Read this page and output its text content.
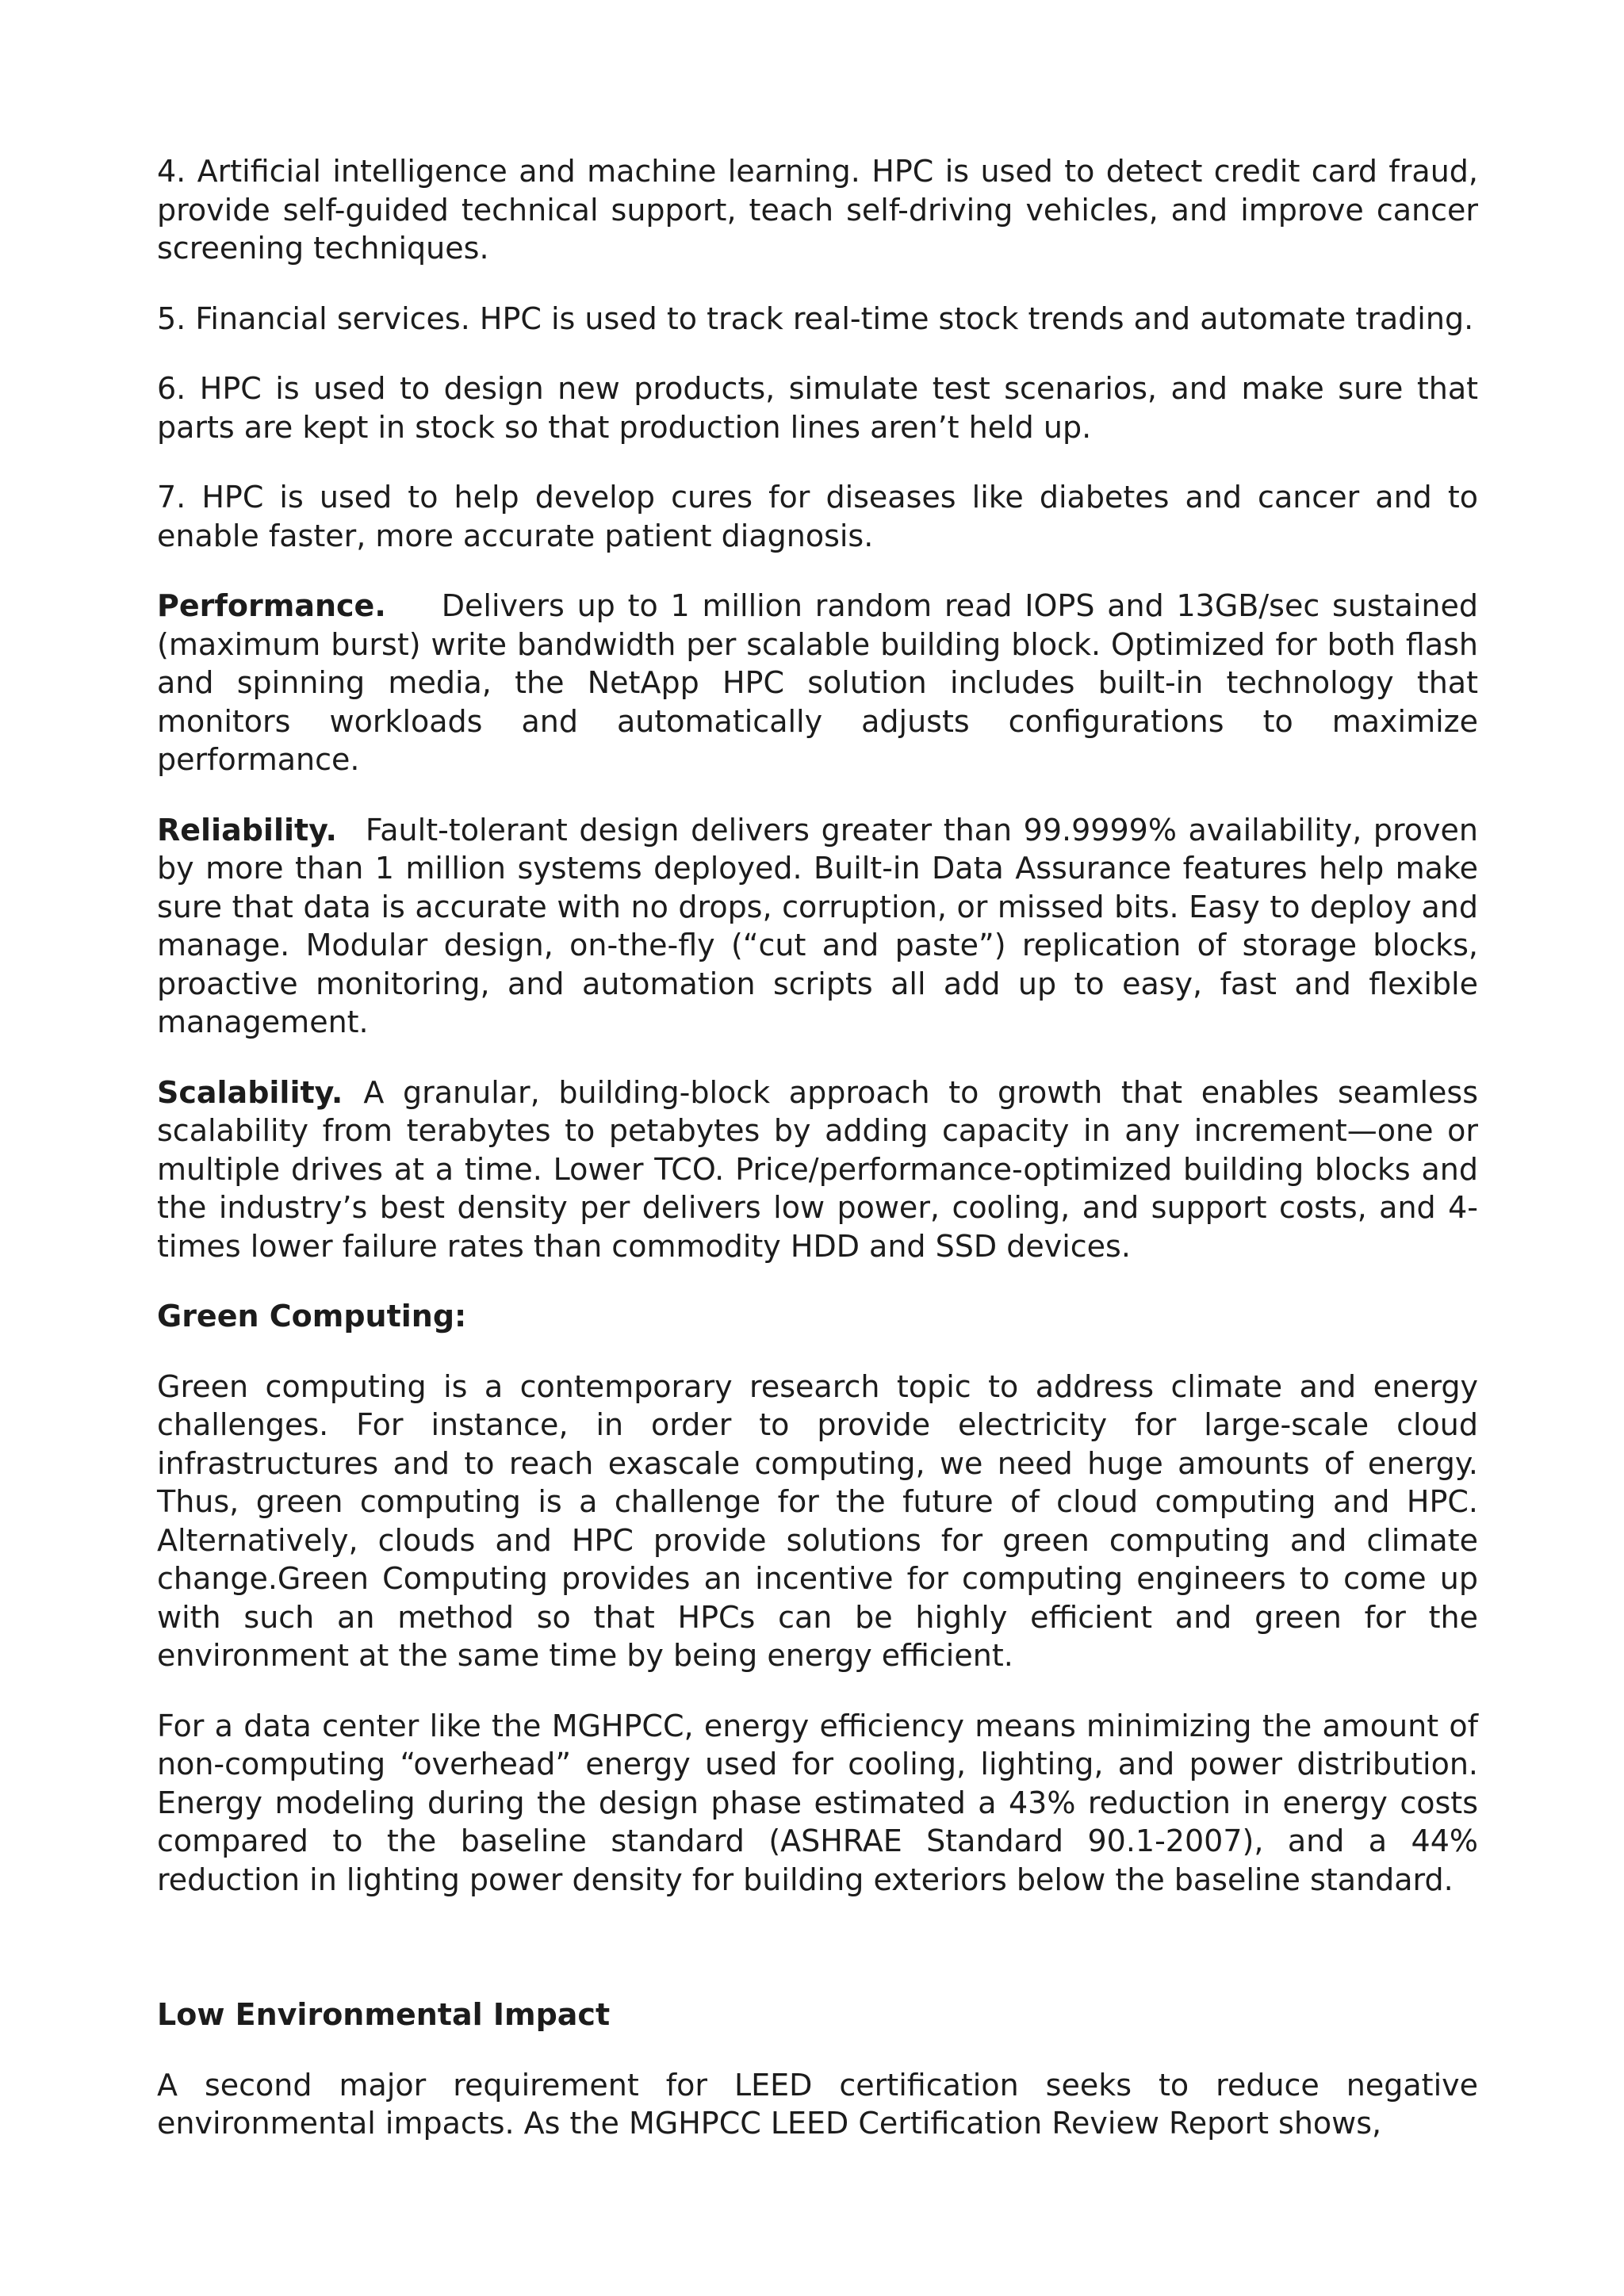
4. Artificial intelligence and machine learning. HPC is used to detect credit card fraud, provide self-guided technical support, teach self-driving vehicles, and improve cancer screening techniques.

5. Financial services. HPC is used to track real-time stock trends and automate trading.

6. HPC is used to design new products, simulate test scenarios, and make sure that parts are kept in stock so that production lines aren’t held up.

7. HPC is used to help develop cures for diseases like diabetes and cancer and to enable faster, more accurate patient diagnosis.

Performance. Delivers up to 1 million random read IOPS and 13GB/sec sustained (maximum burst) write bandwidth per scalable building block. Optimized for both flash and spinning media, the NetApp HPC solution includes built-in technology that monitors workloads and automatically adjusts configurations to maximize performance.

Reliability. Fault-tolerant design delivers greater than 99.9999% availability, proven by more than 1 million systems deployed. Built-in Data Assurance features help make sure that data is accurate with no drops, corruption, or missed bits. Easy to deploy and manage. Modular design, on-the-fly (“cut and paste”) replication of storage blocks, proactive monitoring, and automation scripts all add up to easy, fast and flexible management.

Scalability. A granular, building-block approach to growth that enables seamless scalability from terabytes to petabytes by adding capacity in any increment—one or multiple drives at a time. Lower TCO. Price/performance-optimized building blocks and the industry’s best density per delivers low power, cooling, and support costs, and 4-times lower failure rates than commodity HDD and SSD devices.

Green Computing:

Green computing is a contemporary research topic to address climate and energy challenges. For instance, in order to provide electricity for large-scale cloud infrastructures and to reach exascale computing, we need huge amounts of energy. Thus, green computing is a challenge for the future of cloud computing and HPC. Alternatively, clouds and HPC provide solutions for green computing and climate change.Green Computing provides an incentive for computing engineers to come up with such an method so that HPCs can be highly efficient and green for the environment at the same time by being energy efficient.

For a data center like the MGHPCC, energy efficiency means minimizing the amount of non-computing “overhead” energy used for cooling, lighting, and power distribution. Energy modeling during the design phase estimated a 43% reduction in energy costs compared to the baseline standard (ASHRAE Standard 90.1-2007), and a 44% reduction in lighting power density for building exteriors below the baseline standard.

Low Environmental Impact

A second major requirement for LEED certification seeks to reduce negative environmental impacts. As the MGHPCC LEED Certification Review Report shows,
